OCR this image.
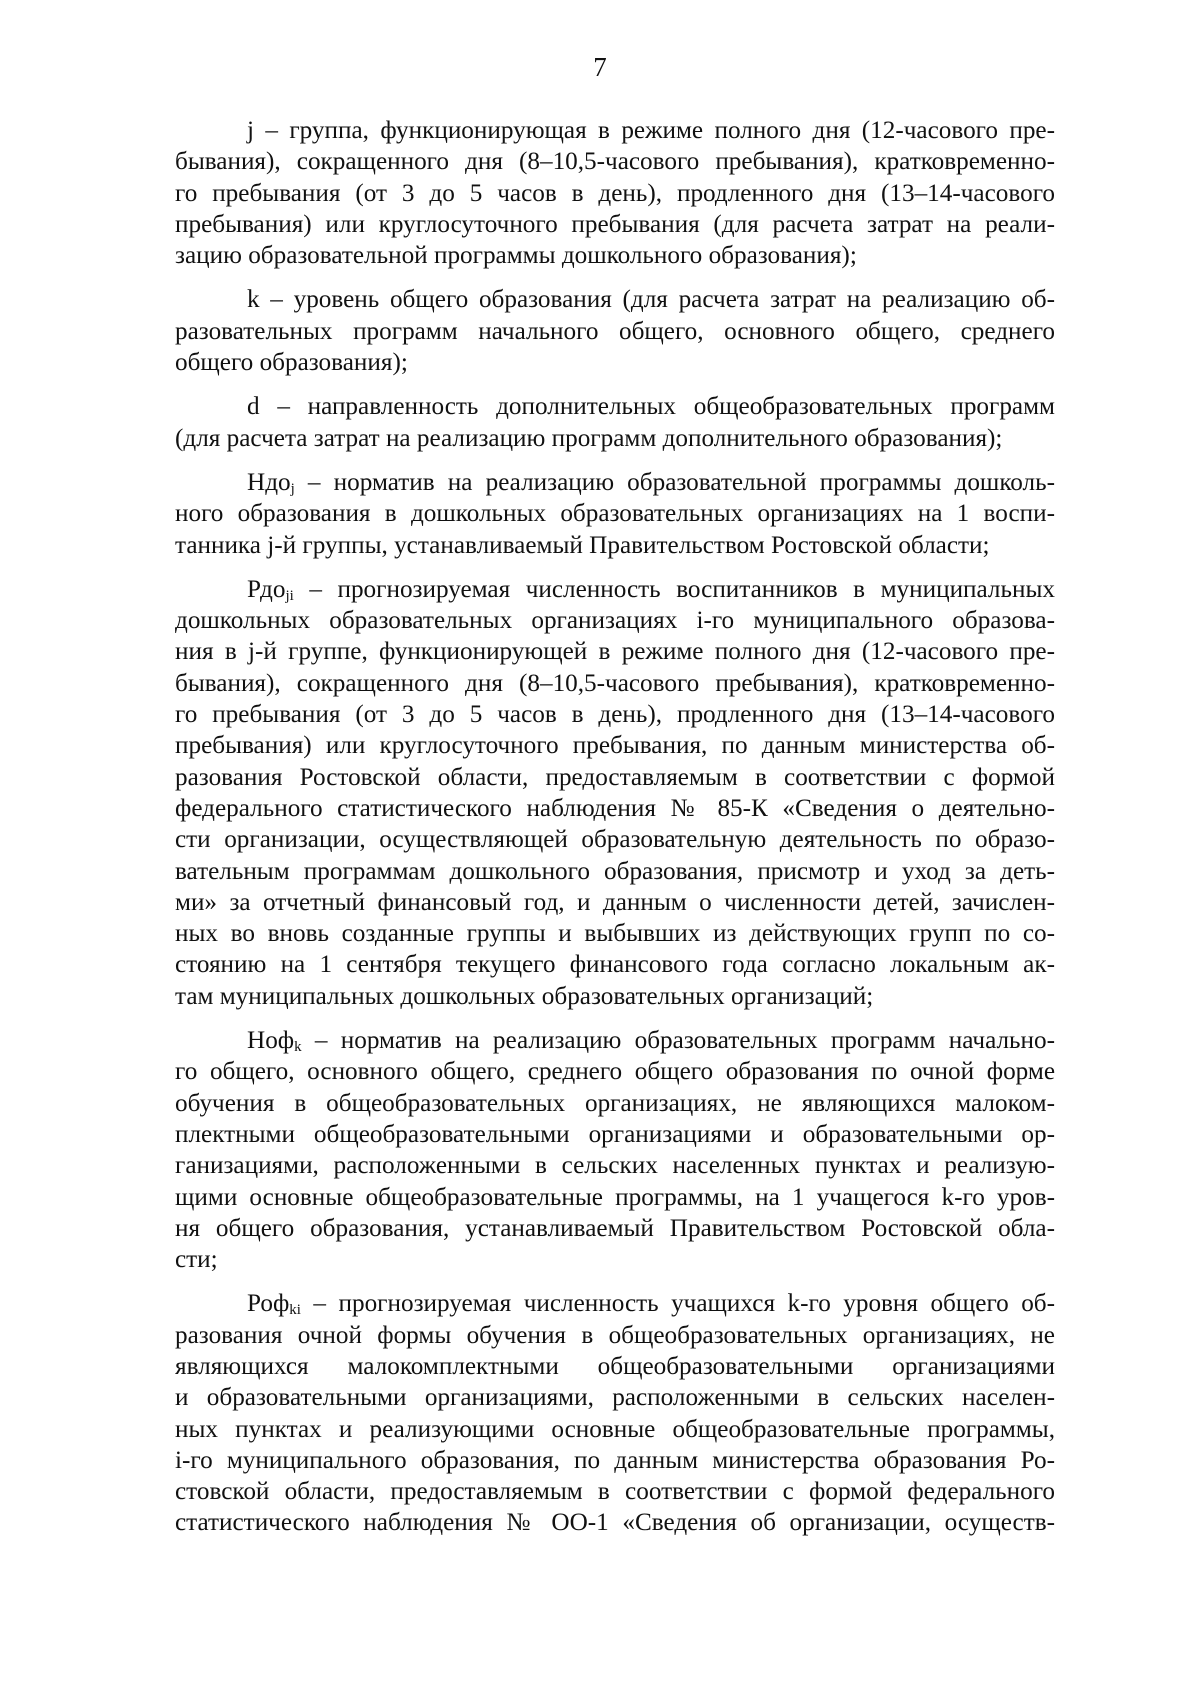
7
j – группа, функционирующая в режиме полного дня (12-часового пре-
бывания), сокращенного дня (8–10,5-часового пребывания), кратковременно-
го пребывания (от 3 до 5 часов в день), продленного дня (13–14-часового
пребывания) или круглосуточного пребывания (для расчета затрат на реали-
зацию образовательной программы дошкольного образования);
k – уровень общего образования (для расчета затрат на реализацию об-
разовательных программ начального общего, основного общего, среднего
общего образования);
d – направленность дополнительных общеобразовательных программ
(для расчета затрат на реализацию программ дополнительного образования);
Ндо$_j$ – норматив на реализацию образовательной программы дошколь-
ного образования в дошкольных образовательных организациях на 1 воспи-
танника j-й группы, устанавливаемый Правительством Ростовской области;
Рдо$_{ji}$ – прогнозируемая численность воспитанников в муниципальных
дошкольных образовательных организациях i-го муниципального образова-
ния в j-й группе, функционирующей в режиме полного дня (12-часового пре-
бывания), сокращенного дня (8–10,5-часового пребывания), кратковременно-
го пребывания (от 3 до 5 часов в день), продленного дня (13–14-часового
пребывания) или круглосуточного пребывания, по данным министерства об-
разования Ростовской области, предоставляемым в соответствии с формой
федерального статистического наблюдения № 85-К «Сведения о деятельно-
сти организации, осуществляющей образовательную деятельность по образо-
вательным программам дошкольного образования, присмотр и уход за деть-
ми» за отчетный финансовый год, и данным о численности детей, зачислен-
ных во вновь созданные группы и выбывших из действующих групп по со-
стоянию на 1 сентября текущего финансового года согласно локальным ак-
там муниципальных дошкольных образовательных организаций;
Ноф$_k$ – норматив на реализацию образовательных программ начально-
го общего, основного общего, среднего общего образования по очной форме
обучения в общеобразовательных организациях, не являющихся малоком-
плектными общеобразовательными организациями и образовательными ор-
ганизациями, расположенными в сельских населенных пунктах и реализую-
щими основные общеобразовательные программы, на 1 учащегося k-го уров-
ня общего образования, устанавливаемый Правительством Ростовской обла-
сти;
Роф$_{ki}$ – прогнозируемая численность учащихся k-го уровня общего об-
разования очной формы обучения в общеобразовательных организациях, не
являющихся малокомплектными общеобразовательными организациями
и образовательными организациями, расположенными в сельских населен-
ных пунктах и реализующими основные общеобразовательные программы,
i-го муниципального образования, по данным министерства образования Ро-
стовской области, предоставляемым в соответствии с формой федерального
статистического наблюдения № ОО-1 «Сведения об организации, осуществ-
